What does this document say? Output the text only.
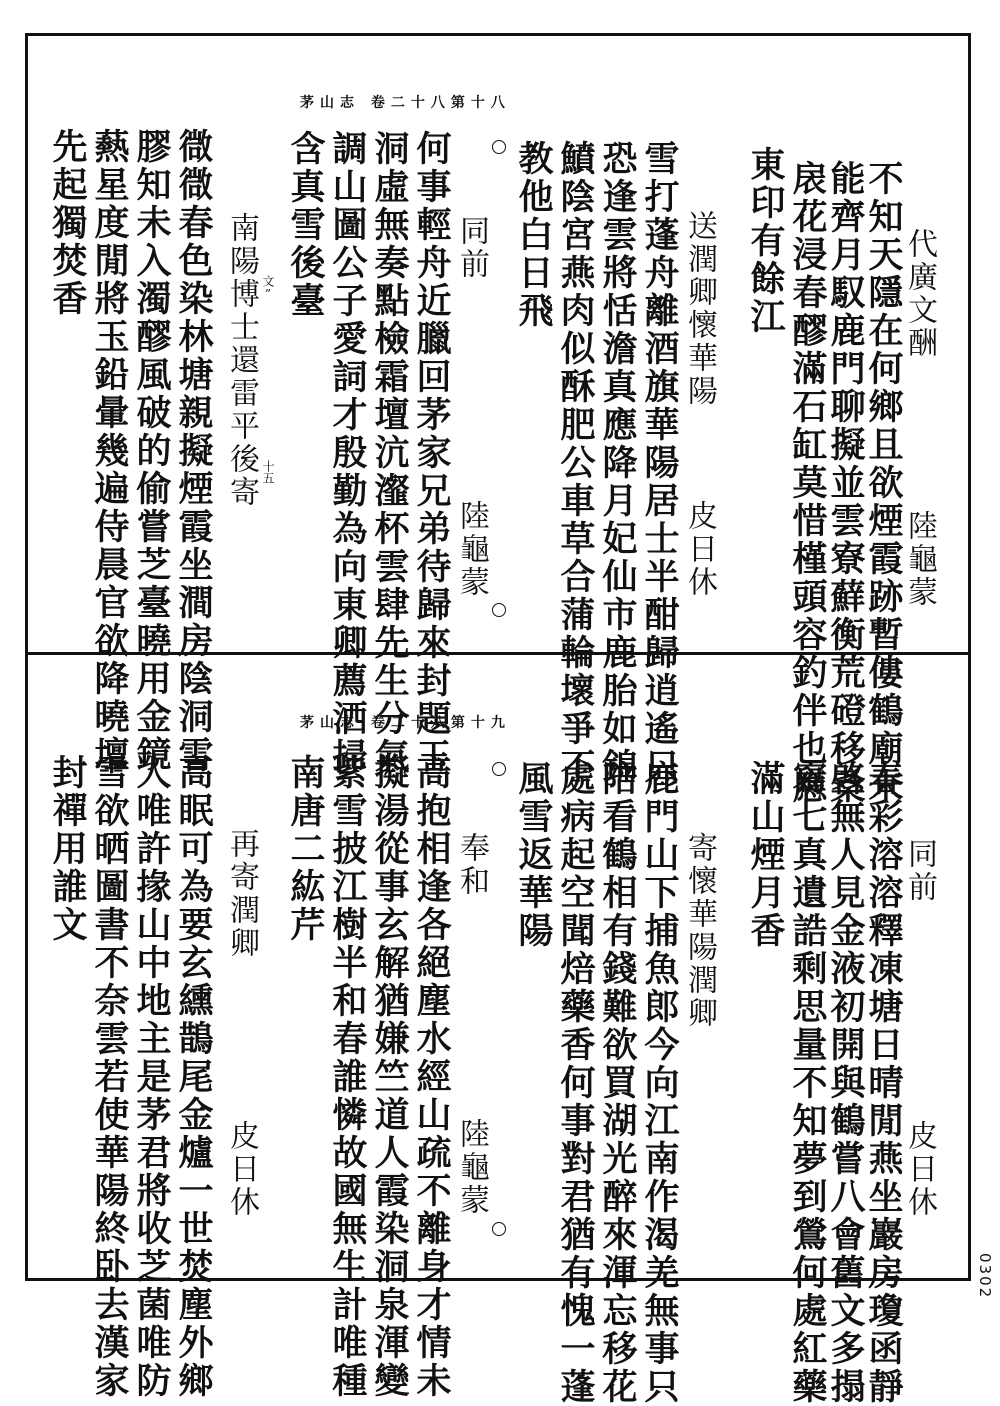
茅山志 卷二十八第十八
代廣文酬
陸龜蒙
不知天隱在何鄉且欲煙霞跡暫僂鶴廟未
能齊月馭鹿門聊擬並雲寮蘚衡荒磴移桑
扆花浸春醪滿石缸莫惜槿頭容釣伴也應
東印有餘江
送潤卿懷華陽
皮日休
雪打蓬舟離酒旗華陽居士半酣歸逍遙只
恐逢雲將恬澹真應降月妃仙市鹿胎如錦
鱝陰宮燕肉似酥肥公車草合蒲輪壞爭不
教他白日飛
同前
陸龜蒙
何事輕舟近臘回茅家兄弟待歸來封題玉
洞虛無奏點檢霜壇沆瀣杯雲肆先生分氣
調山圖公子愛詞才殷勤為向東卿薦洒掃
含真雪後臺
南陽博士還雷平後寄
㣲㣲春色染林塘親擬煙霞坐澗房陰洞雪
膠知未入濁醪風破的偷嘗芝臺曉用金鏡
爇星度閒將玉鉛暈幾遍侍晨官欲降曉壇
先起獨焚香	文”
十五
茅山志 卷二十八第十九
同前
皮日休
春彩溶溶釋凍塘日晴閒燕坐巖房瓊函靜
啓無人見金液初開與鶴嘗八會舊文多搨
寫七真遺誥剩思量不知夢到鶯何處紅藥
滿山煙月香
寄懷華陽潤卿
鹿門山下捕魚郎今向江南作渴羌無事只
陪看鶴相有錢難欲買湖光醉來渾忘移花
處病起空聞焙藥香何事對君猶有愧一蓬
風雪返華陽
奉和
陸龜蒙
高抱相逢各絕塵水經山疏不離身才情未
擬湯從事玄解猶嫌竺道人霞染洞泉渾變
紫雪披江樹半和春誰憐故國無生計唯種
南唐二紘芹
再寄潤卿
皮日休
高眠可為要玄纁鵲尾金爐一世焚塵外鄉
人唯許掾山中地主是茅君將收芝菌唯防
雪欲晒圖書不奈雲若使華陽終卧去漢家
封禪用誰文
0302
